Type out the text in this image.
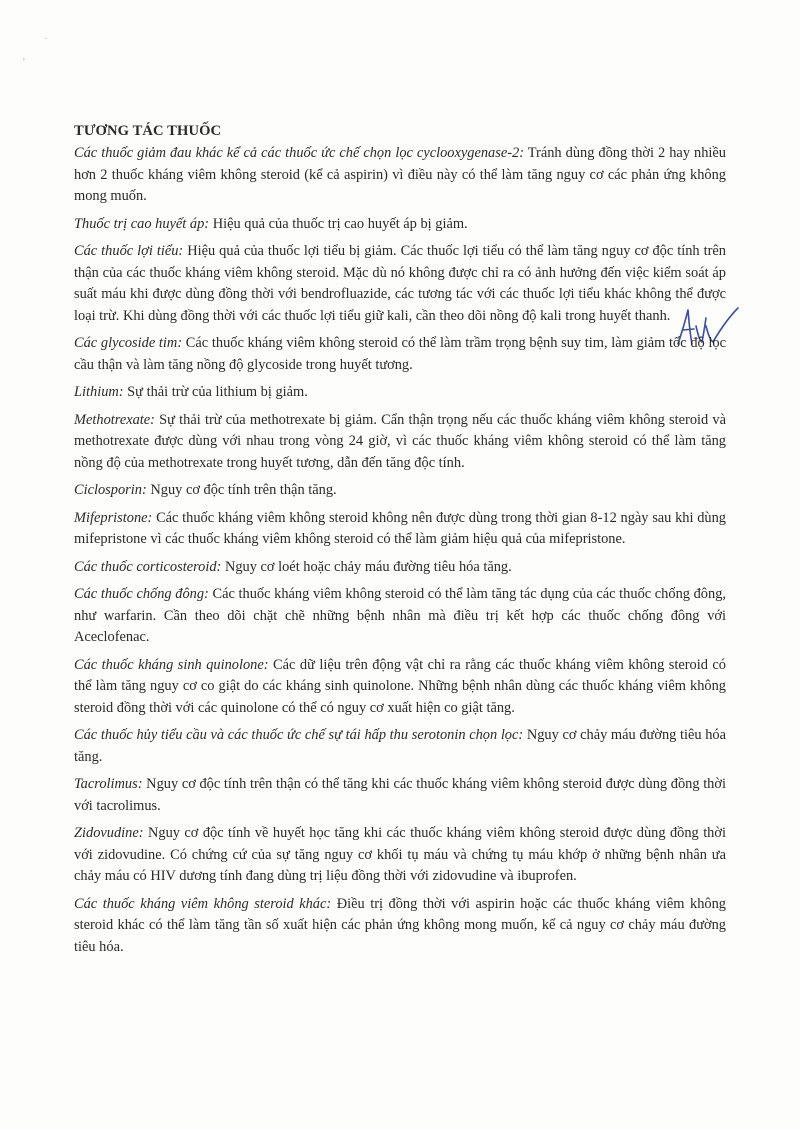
·
ʼ
TƯƠNG TÁC THUỐC

Các thuốc giảm đau khác kể cả các thuốc ức chế chọn lọc cyclooxygenase-2: Tránh dùng đồng thời 2 hay nhiều hơn 2 thuốc kháng viêm không steroid (kể cả aspirin) vì điều này có thể làm tăng nguy cơ các phản ứng không mong muốn.

Thuốc trị cao huyết áp: Hiệu quả của thuốc trị cao huyết áp bị giảm.

Các thuốc lợi tiểu: Hiệu quả của thuốc lợi tiểu bị giảm. Các thuốc lợi tiểu có thể làm tăng nguy cơ độc tính trên thận của các thuốc kháng viêm không steroid. Mặc dù nó không được chỉ ra có ảnh hưởng đến việc kiểm soát áp suất máu khi được dùng đồng thời với bendrofluazide, các tương tác với các thuốc lợi tiểu khác không thể được loại trừ. Khi dùng đồng thời với các thuốc lợi tiểu giữ kali, cần theo dõi nồng độ kali trong huyết thanh.

Các glycoside tim: Các thuốc kháng viêm không steroid có thể làm trầm trọng bệnh suy tim, làm giảm tốc độ lọc cầu thận và làm tăng nồng độ glycoside trong huyết tương.

Lithium: Sự thải trừ của lithium bị giảm.

Methotrexate: Sự thải trừ của methotrexate bị giảm. Cẩn thận trọng nếu các thuốc kháng viêm không steroid và methotrexate được dùng với nhau trong vòng 24 giờ, vì các thuốc kháng viêm không steroid có thể làm tăng nồng độ của methotrexate trong huyết tương, dẫn đến tăng độc tính.

Ciclosporin: Nguy cơ độc tính trên thận tăng.

Mifepristone: Các thuốc kháng viêm không steroid không nên được dùng trong thời gian 8-12 ngày sau khi dùng mifepristone vì các thuốc kháng viêm không steroid có thể làm giảm hiệu quả của mifepristone.

Các thuốc corticosteroid: Nguy cơ loét hoặc chảy máu đường tiêu hóa tăng.

Các thuốc chống đông: Các thuốc kháng viêm không steroid có thể làm tăng tác dụng của các thuốc chống đông, như warfarin. Cần theo dõi chặt chẽ những bệnh nhân mà điều trị kết hợp các thuốc chống đông với Aceclofenac.

Các thuốc kháng sinh quinolone: Các dữ liệu trên động vật chỉ ra rằng các thuốc kháng viêm không steroid có thể làm tăng nguy cơ co giật do các kháng sinh quinolone. Những bệnh nhân dùng các thuốc kháng viêm không steroid đồng thời với các quinolone có thể có nguy cơ xuất hiện co giật tăng.

Các thuốc hủy tiểu cầu và các thuốc ức chế sự tái hấp thu serotonin chọn lọc: Nguy cơ chảy máu đường tiêu hóa tăng.

Tacrolimus: Nguy cơ độc tính trên thận có thể tăng khi các thuốc kháng viêm không steroid được dùng đồng thời với tacrolimus.

Zidovudine: Nguy cơ độc tính về huyết học tăng khi các thuốc kháng viêm không steroid được dùng đồng thời với zidovudine. Có chứng cứ của sự tăng nguy cơ khối tụ máu và chứng tụ máu khớp ở những bệnh nhân ưa chảy máu có HIV dương tính đang dùng trị liệu đồng thời với zidovudine và ibuprofen.

Các thuốc kháng viêm không steroid khác: Điều trị đồng thời với aspirin hoặc các thuốc kháng viêm không steroid khác có thể làm tăng tần số xuất hiện các phản ứng không mong muốn, kể cả nguy cơ chảy máu đường tiêu hóa.
